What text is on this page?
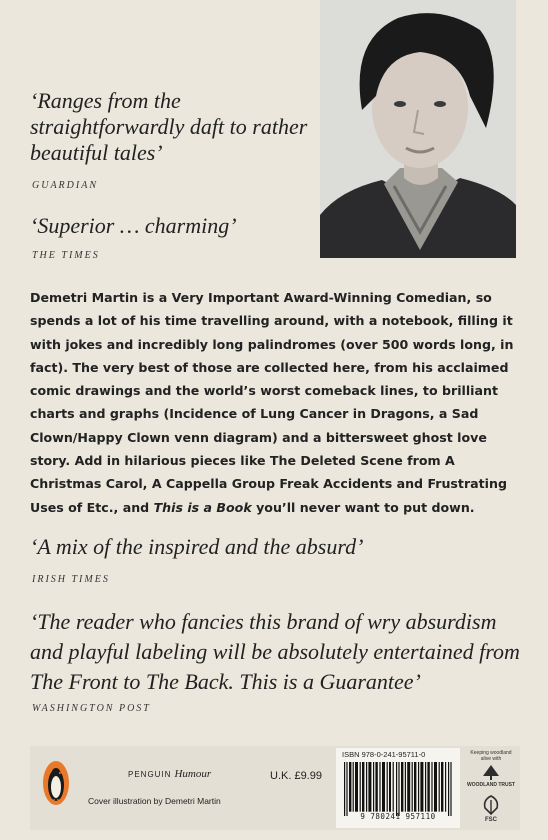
‘Ranges from the straightforwardly daft to rather beautiful tales’
GUARDIAN
‘Superior … charming’
THE TIMES
Demetri Martin is a Very Important Award-Winning Comedian, so spends a lot of his time travelling around, with a notebook, filling it with jokes and incredibly long palindromes (over 500 words long, in fact). The very best of those are collected here, from his acclaimed comic drawings and the world’s worst comeback lines, to brilliant charts and graphs (Incidence of Lung Cancer in Dragons, a Sad Clown/Happy Clown venn diagram) and a bittersweet ghost love story. Add in hilarious pieces like The Deleted Scene from A Christmas Carol, A Cappella Group Freak Accidents and Frustrating Uses of Etc., and This is a Book you’ll never want to put down.
‘A mix of the inspired and the absurd’
IRISH TIMES
‘The reader who fancies this brand of wry absurdism and playful labeling will be absolutely entertained from The Front to The Back. This is a Guarantee’
WASHINGTON POST
PENGUIN Humour
Cover illustration by Demetri Martin
U.K. £9.99
ISBN 978-0-241-95711-0
9 780241 957110
Keeping woodland alive with
WOODLAND TRUST
FSC
